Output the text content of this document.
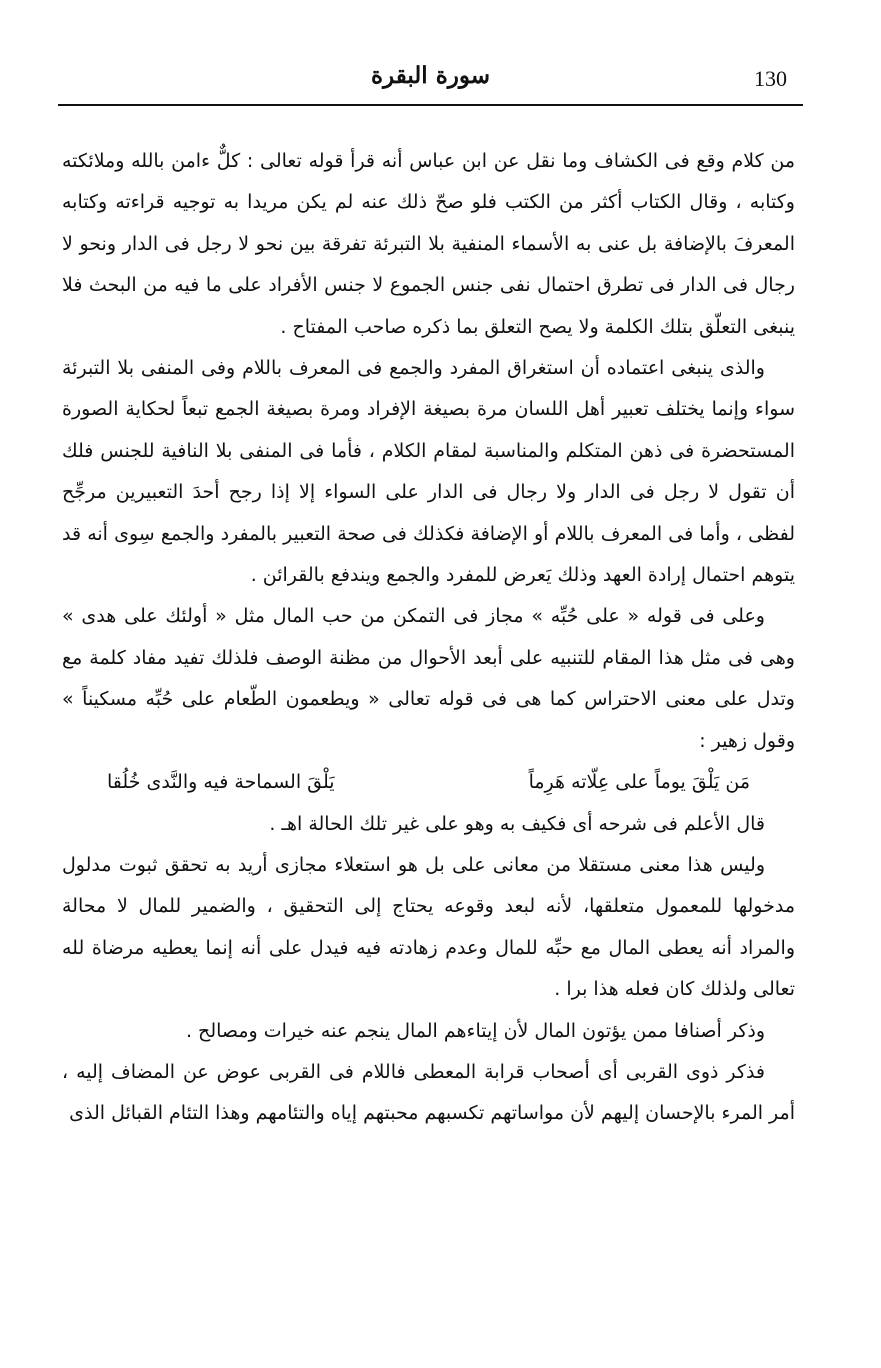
130
سورة البقرة

من كلام وقع فى الكشاف وما نقل عن ابن عباس أنه قرأ قوله تعالى : كلٌّ ءامن بالله وملائكته وكتابه ، وقال الكتاب أكثر من الكتب فلو صحّ ذلك عنه لم يكن مريدا به توجيه قراءته وكتابه المعرفَ بالإضافة بل عنى به الأسماء المنفية بلا التبرئة تفرقة بين نحو لا رجل فى الدار ونحو لا رجال فى الدار فى تطرق احتمال نفى جنس الجموع لا جنس الأفراد على ما فيه من البحث فلا ينبغى التعلّق بتلك الكلمة ولا يصح التعلق بما ذكره صاحب المفتاح .

والذى ينبغى اعتماده أن استغراق المفرد والجمع فى المعرف باللام وفى المنفى بلا التبرئة سواء وإنما يختلف تعبير أهل اللسان مرة بصيغة الإفراد ومرة بصيغة الجمع تبعاً لحكاية الصورة المستحضرة فى ذهن المتكلم والمناسبة لمقام الكلام ، فأما فى المنفى بلا النافية للجنس فلك أن تقول لا رجل فى الدار ولا رجال فى الدار على السواء إلا إذا رجح أحدَ التعبيرين مرجِّح لفظى ، وأما فى المعرف باللام أو الإضافة فكذلك فى صحة التعبير بالمفرد والجمع سِوى أنه قد يتوهم احتمال إرادة العهد وذلك يَعرض للمفرد والجمع ويندفع بالقرائن .

وعلى فى قوله « على حُبِّه » مجاز فى التمكن من حب المال مثل « أولئك على هدى » وهى فى مثل هذا المقام للتنبيه على أبعد الأحوال من مظنة الوصف فلذلك تفيد مفاد كلمة مع وتدل على معنى الاحتراس كما هى فى قوله تعالى « ويطعمون الطّعام على حُبِّه مسكيناً » وقول زهير :

مَن يَلْقَ يوماً على عِلّاته هَرِماً
يَلْقَ السماحة فيه والنَّدى خُلُقا

قال الأعلم فى شرحه أى فكيف به وهو على غير تلك الحالة اهـ .

وليس هذا معنى مستقلا من معانى على بل هو استعلاء مجازى أريد به تحقق ثبوت مدلول مدخولها للمعمول متعلقها، لأنه لبعد وقوعه يحتاج إلى التحقيق ، والضمير للمال لا محالة والمراد أنه يعطى المال مع حبِّه للمال وعدم زهادته فيه فيدل على أنه إنما يعطيه مرضاة لله تعالى ولذلك كان فعله هذا برا .

وذكر أصنافا ممن يؤتون المال لأن إيتاءهم المال ينجم عنه خيرات ومصالح .

فذكر ذوى القربى أى أصحاب قرابة المعطى فاللام فى القربى عوض عن المضاف إليه ، أمر المرء بالإحسان إليهم لأن مواساتهم تكسبهم محبتهم إياه والتئامهم وهذا التئام القبائل الذى
